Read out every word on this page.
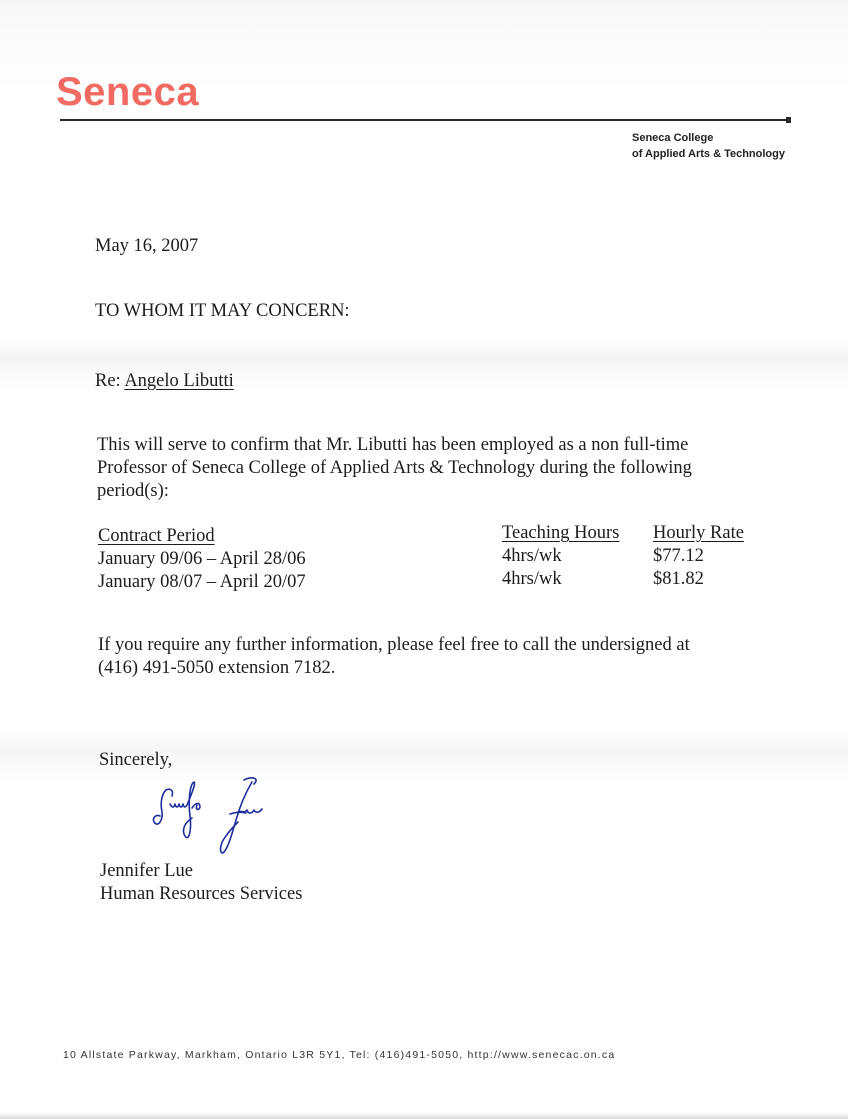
Seneca
Seneca College
of Applied Arts & Technology
May 16, 2007
TO WHOM IT MAY CONCERN:
Re: Angelo Libutti
This will serve to confirm that Mr. Libutti has been employed as a non full-time
Professor of Seneca College of Applied Arts & Technology during the following
period(s):
Contract Period
January 09/06 – April 28/06
January 08/07 – April 20/07
Teaching Hours
4hrs/wk
4hrs/wk
Hourly Rate
$77.12
$81.82
If you require any further information, please feel free to call the undersigned at
(416) 491-5050 extension 7182.
Sincerely,
Jennifer Lue
Human Resources Services
10 Allstate Parkway, Markham, Ontario L3R 5Y1, Tel: (416)491-5050, http://www.senecac.on.ca
